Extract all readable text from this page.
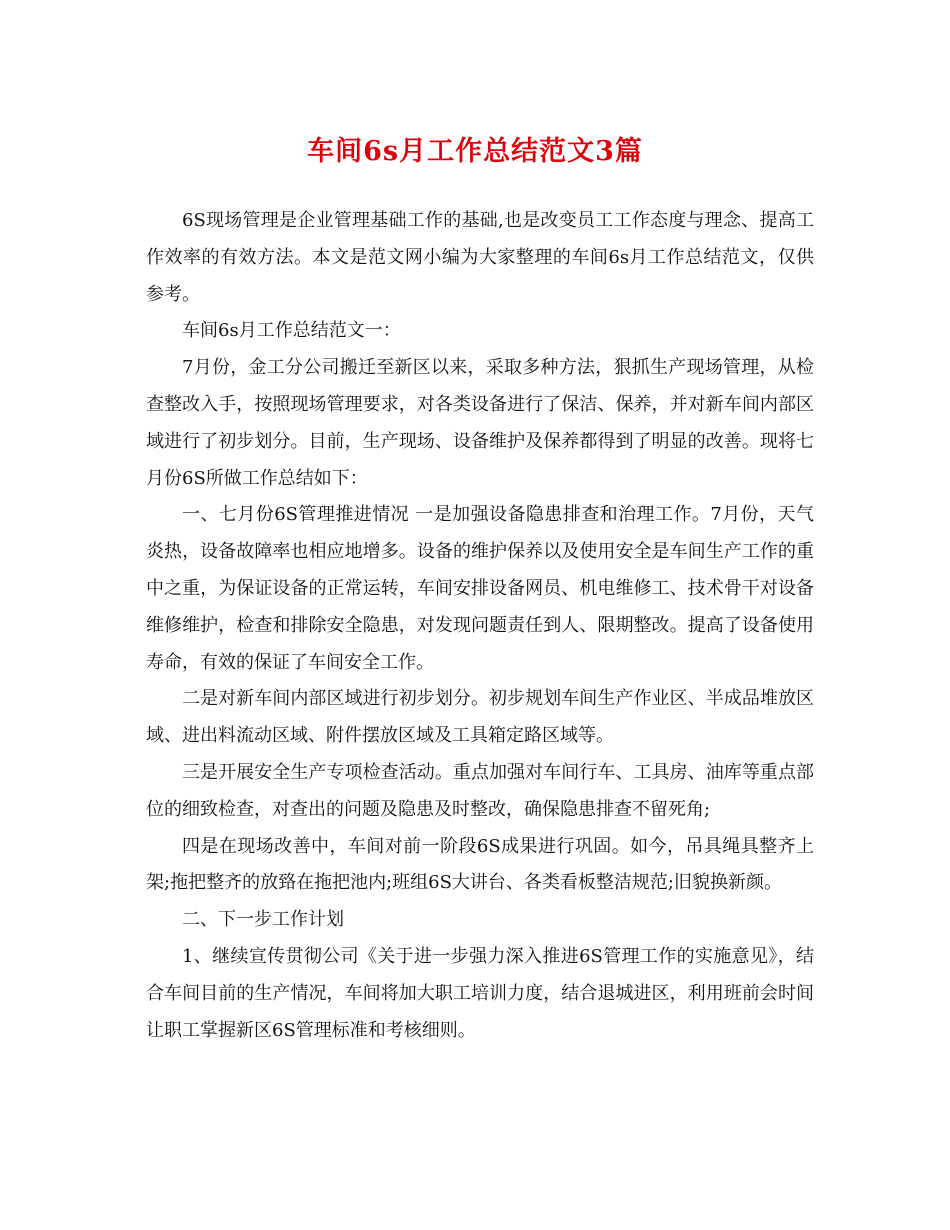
车间6s月工作总结范文3篇

6S现场管理是企业管理基础工作的基础,也是改变员工工作态度与理念、提高工作效率的有效方法。本文是范文网小编为大家整理的车间6s月工作总结范文，仅供参考。

车间6s月工作总结范文一：

7月份，金工分公司搬迁至新区以来，采取多种方法，狠抓生产现场管理，从检查整改入手，按照现场管理要求，对各类设备进行了保洁、保养，并对新车间内部区域进行了初步划分。目前，生产现场、设备维护及保养都得到了明显的改善。现将七月份6S所做工作总结如下：

一、七月份6S管理推进情况 一是加强设备隐患排查和治理工作。7月份，天气炎热，设备故障率也相应地增多。设备的维护保养以及使用安全是车间生产工作的重中之重，为保证设备的正常运转，车间安排设备网员、机电维修工、技术骨干对设备维修维护，检查和排除安全隐患，对发现问题责任到人、限期整改。提高了设备使用寿命，有效的保证了车间安全工作。

二是对新车间内部区域进行初步划分。初步规划车间生产作业区、半成品堆放区域、进出料流动区域、附件摆放区域及工具箱定路区域等。

三是开展安全生产专项检查活动。重点加强对车间行车、工具房、油库等重点部位的细致检查，对查出的问题及隐患及时整改，确保隐患排查不留死角;

四是在现场改善中，车间对前一阶段6S成果进行巩固。如今，吊具绳具整齐上架;拖把整齐的放臵在拖把池内;班组6S大讲台、各类看板整洁规范;旧貌换新颜。

二、下一步工作计划

1、继续宣传贯彻公司《关于进一步强力深入推进6S管理工作的实施意见》，结合车间目前的生产情况，车间将加大职工培训力度，结合退城进区，利用班前会时间让职工掌握新区6S管理标准和考核细则。
